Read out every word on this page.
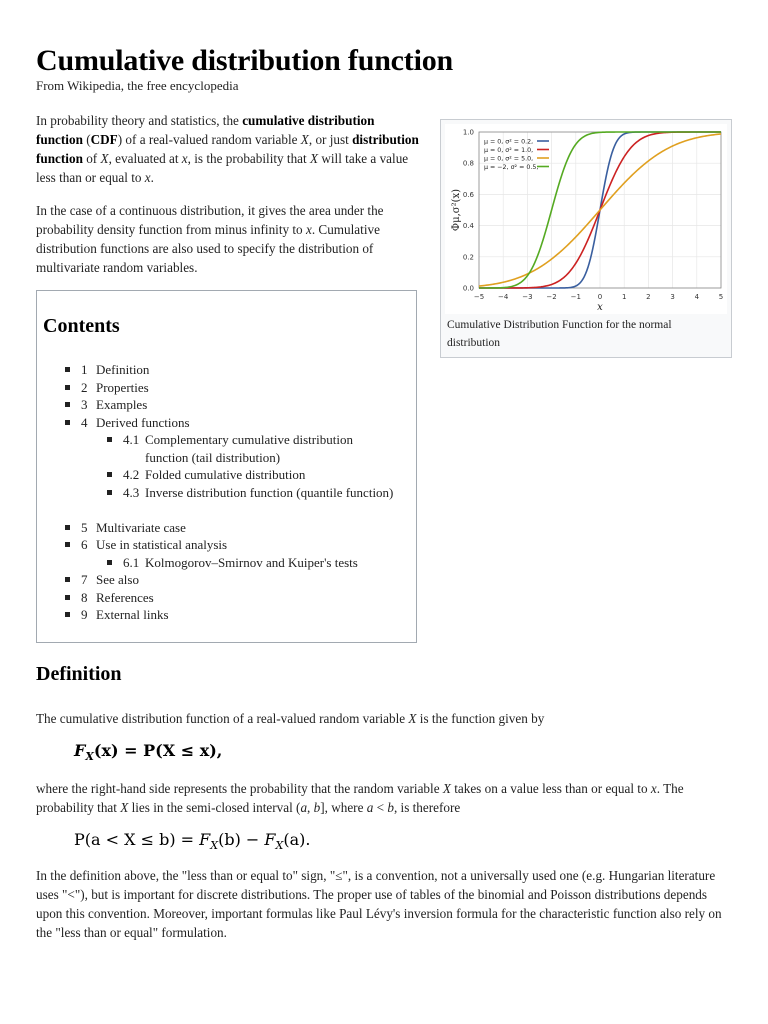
Cumulative distribution function
From Wikipedia, the free encyclopedia
In probability theory and statistics, the cumulative distribution function (CDF) of a real-valued random variable X, or just distribution function of X, evaluated at x, is the probability that X will take a value less than or equal to x.
In the case of a continuous distribution, it gives the area under the probability density function from minus infinity to x. Cumulative distribution functions are also used to specify the distribution of multivariate random variables.
Contents
1 Definition
2 Properties
3 Examples
4 Derived functions
4.1 Complementary cumulative distribution function (tail distribution)
4.2 Folded cumulative distribution
4.3 Inverse distribution function (quantile function)
5 Multivariate case
6 Use in statistical analysis
6.1 Kolmogorov–Smirnov and Kuiper's tests
7 See also
8 References
9 External links
−5 −4 −3 −2 −1 0	1	2	3	4	5
0.0
0.2
0.4
0.6
0.8
1.0
x
Φμ,σ²(x)
μ = 0, σ² = 0.2,
μ = 0, σ² = 1.0,
μ = 0, σ² = 5.0,
μ = −2, σ² = 0.5,
Cumulative Distribution Function for the normal distribution
Definition
The cumulative distribution function of a real-valued random variable X is the function given by
$F_X(x) = P(X \le x)$,
where the right-hand side represents the probability that the random variable X takes on a value less than or equal to x. The probability that X lies in the semi-closed interval (a, b], where a < b, is therefore
$P(a < X \le b) = F_X(b) - F_X(a)$.
In the definition above, the "less than or equal to" sign, "≤", is a convention, not a universally used one (e.g. Hungarian literature uses "<"), but is important for discrete distributions. The proper use of tables of the binomial and Poisson distributions depends upon this convention. Moreover, important formulas like Paul Lévy's inversion formula for the characteristic function also rely on the "less than or equal" formulation.
